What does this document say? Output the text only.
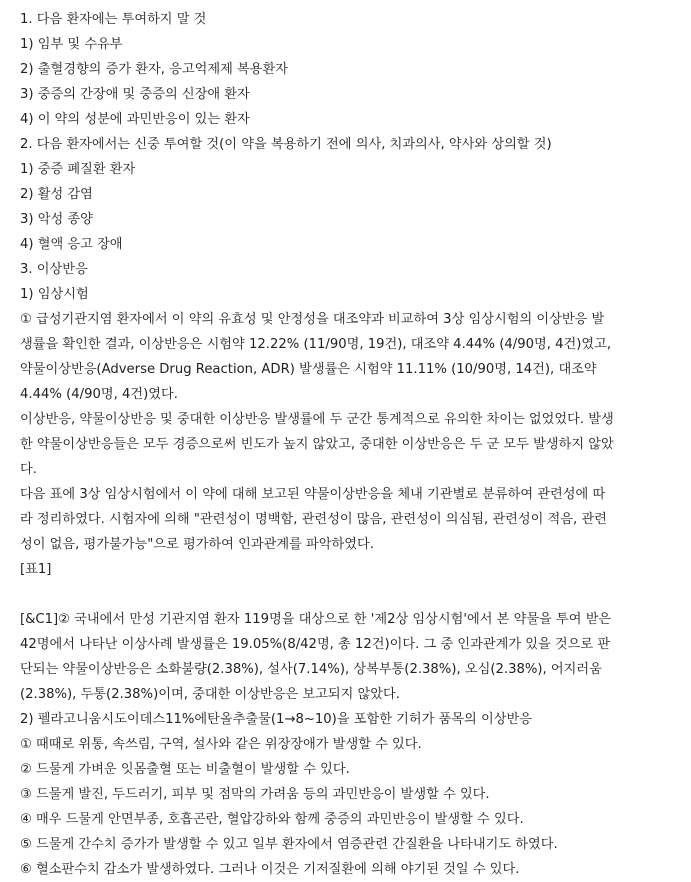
1. 다음 환자에는 투여하지 말 것
1) 임부 및 수유부
2) 출혈경향의 증가 환자, 응고억제제 복용환자
3) 중증의 간장애 및 중증의 신장애 환자
4) 이 약의 성분에 과민반응이 있는 환자
2. 다음 환자에서는 신중 투여할 것(이 약을 복용하기 전에 의사, 치과의사, 약사와 상의할 것)
1) 중증 폐질환 환자
2) 활성 감염
3) 악성 종양
4) 혈액 응고 장애
3. 이상반응
1) 임상시험
① 급성기관지염 환자에서 이 약의 유효성 및 안정성을 대조약과 비교하여 3상 임상시험의 이상반응 발
생률을 확인한 결과, 이상반응은 시험약 12.22% (11/90명, 19건), 대조약 4.44% (4/90명, 4건)였고,
약물이상반응(Adverse Drug Reaction, ADR) 발생률은 시험약 11.11% (10/90명, 14건), 대조약
4.44% (4/90명, 4건)였다.
이상반응, 약물이상반응 및 중대한 이상반응 발생률에 두 군간 통계적으로 유의한 차이는 없었었다. 발생
한 약물이상반응들은 모두 경증으로써 빈도가 높지 않았고, 중대한 이상반응은 두 군 모두 발생하지 않았
다.
다음 표에 3상 임상시험에서 이 약에 대해 보고된 약물이상반응을 체내 기관별로 분류하여 관련성에 따
라 정리하였다. 시험자에 의해 "관련성이 명백함, 관련성이 많음, 관련성이 의심됨, 관련성이 적음, 관련
성이 없음, 평가불가능"으로 평가하여 인과관계를 파악하였다.
[표1]
[&C1]② 국내에서 만성 기관지염 환자 119명을 대상으로 한 '제2상 임상시험'에서 본 약물을 투여 받은
42명에서 나타난 이상사례 발생률은 19.05%(8/42명, 총 12건)이다. 그 중 인과관계가 있을 것으로 판
단되는 약물이상반응은 소화불량(2.38%), 설사(7.14%), 상복부통(2.38%), 오심(2.38%), 어지러움
(2.38%), 두통(2.38%)이며, 중대한 이상반응은 보고되지 않았다.
2) 펠라고니움시도이데스11%에탄올추출물(1→8~10)을 포함한 기허가 품목의 이상반응
① 때때로 위통, 속쓰림, 구역, 설사와 같은 위장장애가 발생할 수 있다.
② 드물게 가벼운 잇몸출혈 또는 비출혈이 발생할 수 있다.
③ 드물게 발진, 두드러기, 피부 및 점막의 가려움 등의 과민반응이 발생할 수 있다.
④ 매우 드물게 안면부종, 호흡곤란, 혈압강하와 함께 중증의 과민반응이 발생할 수 있다.
⑤ 드물게 간수치 증가가 발생할 수 있고 일부 환자에서 염증관련 간질환을 나타내기도 하였다.
⑥ 혈소판수치 감소가 발생하였다. 그러나 이것은 기저질환에 의해 야기된 것일 수 있다.
